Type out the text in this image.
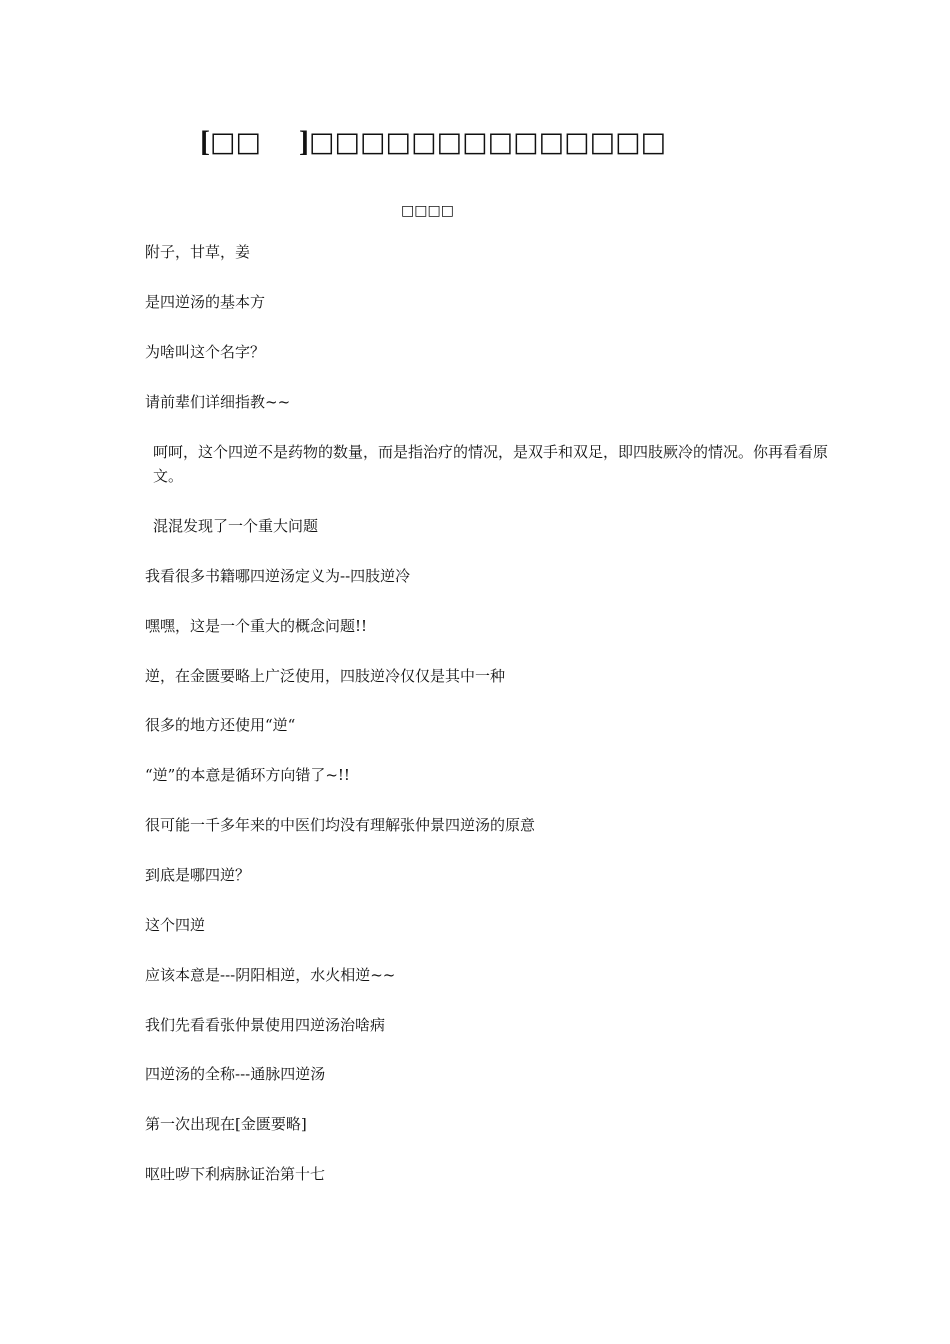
[□□ ]□□□□□□□□□□□□□□
□□□□
附子，甘草，姜
是四逆汤的基本方
为啥叫这个名字？
请前辈们详细指教~~
呵呵，这个四逆不是药物的数量，而是指治疗的情况，是双手和双足，即四肢厥冷的情况。你再看看原文。
混混发现了一个重大问题
我看很多书籍哪四逆汤定义为--四肢逆冷
嘿嘿，这是一个重大的概念问题!!
逆，在金匮要略上广泛使用，四肢逆冷仅仅是其中一种
很多的地方还使用“逆“
“逆”的本意是循环方向错了~!!
很可能一千多年来的中医们均没有理解张仲景四逆汤的原意
到底是哪四逆？
这个四逆
应该本意是---阴阳相逆，水火相逆~~
我们先看看张仲景使用四逆汤治啥病
四逆汤的全称---通脉四逆汤
第一次出现在[金匮要略]
呕吐哕下利病脉证治第十七
